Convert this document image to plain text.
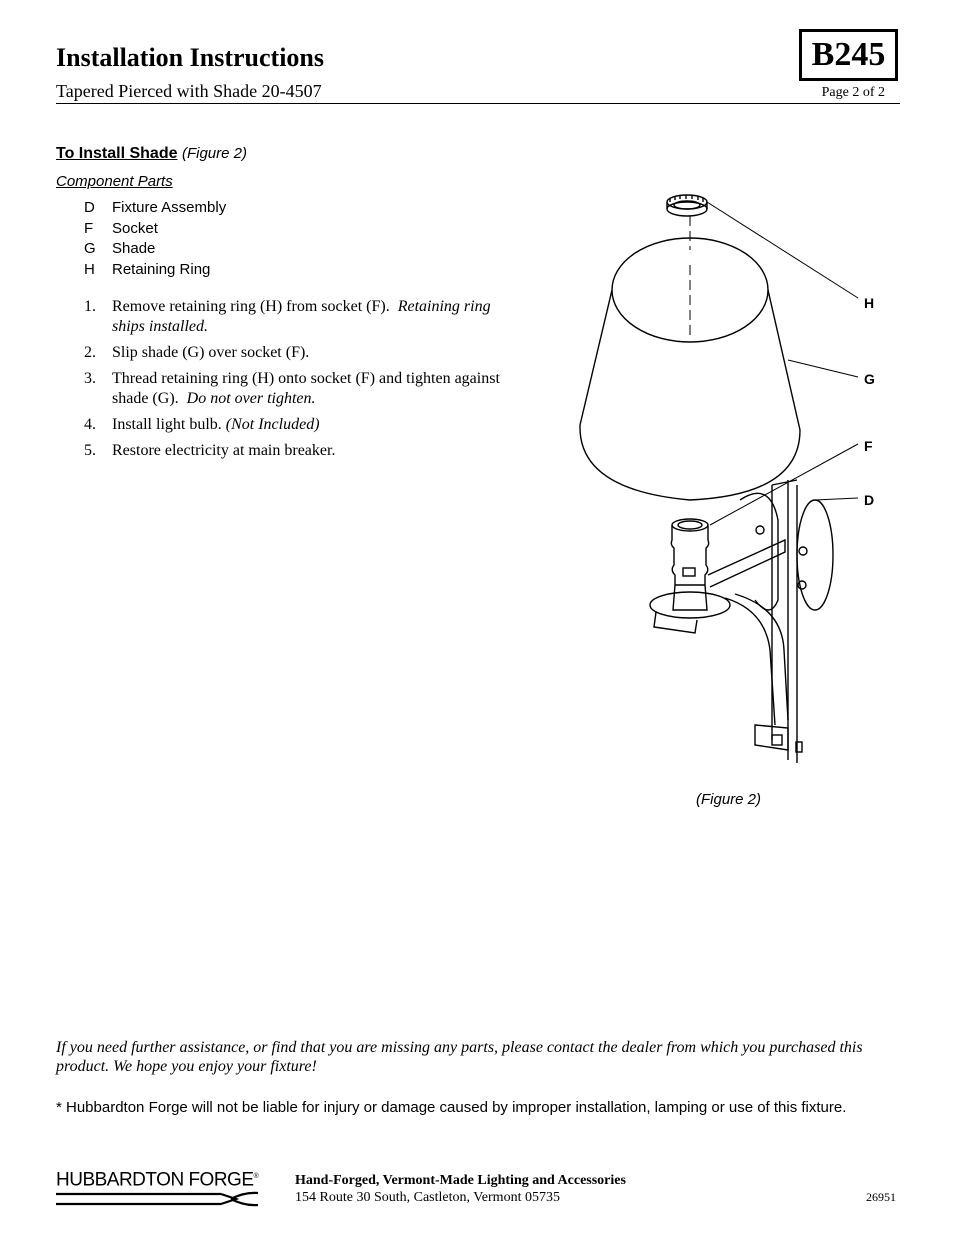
Installation Instructions
Tapered Pierced with Shade 20-4507
B245
Page 2 of 2
To Install Shade (Figure 2)
Component Parts
D	Fixture Assembly
F	Socket
G	Shade
H	Retaining Ring
1.	Remove retaining ring (H) from socket (F). Retaining ring ships installed.
2.	Slip shade (G) over socket (F).
3.	Thread retaining ring (H) onto socket (F) and tighten against shade (G). Do not over tighten.
4.	Install light bulb. (Not Included)
5.	Restore electricity at main breaker.
H
G
F
D
(Figure 2)
If you need further assistance, or find that you are missing any parts, please contact the dealer from which you purchased this product. We hope you enjoy your fixture!
* Hubbardton Forge will not be liable for injury or damage caused by improper installation, lamping or use of this fixture.
HUBBARDTON FORGE®	Hand-Forged, Vermont-Made Lighting and Accessories
154 Route 30 South, Castleton, Vermont 05735	26951
